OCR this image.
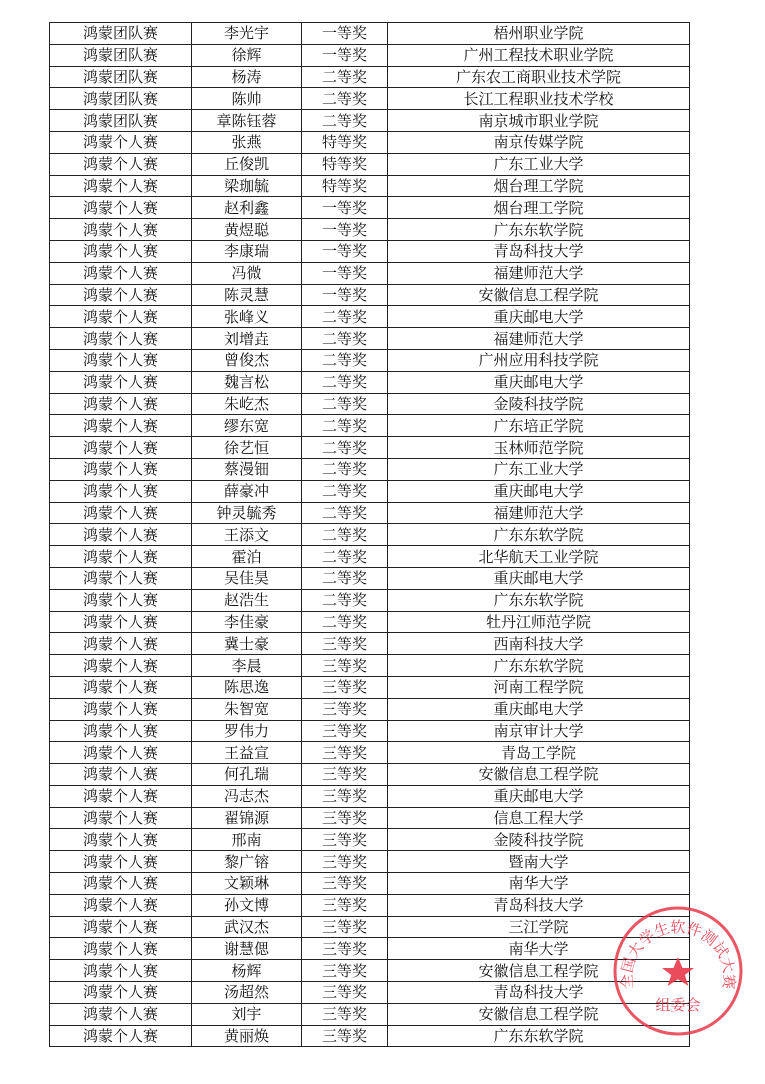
鸿蒙团队赛	李光宇	一等奖	梧州职业学院
鸿蒙团队赛	徐辉	一等奖	广州工程技术职业学院
鸿蒙团队赛	杨涛	二等奖	广东农工商职业技术学院
鸿蒙团队赛	陈帅	二等奖	长江工程职业技术学校
鸿蒙团队赛	章陈钰蓉	二等奖	南京城市职业学院
鸿蒙个人赛	张燕	特等奖	南京传媒学院
鸿蒙个人赛	丘俊凯	特等奖	广东工业大学
鸿蒙个人赛	梁珈毓	特等奖	烟台理工学院
鸿蒙个人赛	赵利鑫	一等奖	烟台理工学院
鸿蒙个人赛	黄煜聪	一等奖	广东东软学院
鸿蒙个人赛	李康瑞	一等奖	青岛科技大学
鸿蒙个人赛	冯微	一等奖	福建师范大学
鸿蒙个人赛	陈灵慧	一等奖	安徽信息工程学院
鸿蒙个人赛	张峰义	二等奖	重庆邮电大学
鸿蒙个人赛	刘增垚	二等奖	福建师范大学
鸿蒙个人赛	曾俊杰	二等奖	广州应用科技学院
鸿蒙个人赛	魏言松	二等奖	重庆邮电大学
鸿蒙个人赛	朱屹杰	二等奖	金陵科技学院
鸿蒙个人赛	缪东宽	二等奖	广东培正学院
鸿蒙个人赛	徐艺恒	二等奖	玉林师范学院
鸿蒙个人赛	蔡漫钿	二等奖	广东工业大学
鸿蒙个人赛	薛豪冲	二等奖	重庆邮电大学
鸿蒙个人赛	钟灵毓秀	二等奖	福建师范大学
鸿蒙个人赛	王添文	二等奖	广东东软学院
鸿蒙个人赛	霍泊	二等奖	北华航天工业学院
鸿蒙个人赛	吴佳昊	二等奖	重庆邮电大学
鸿蒙个人赛	赵浩生	二等奖	广东东软学院
鸿蒙个人赛	李佳豪	二等奖	牡丹江师范学院
鸿蒙个人赛	冀士豪	三等奖	西南科技大学
鸿蒙个人赛	李晨	三等奖	广东东软学院
鸿蒙个人赛	陈思逸	三等奖	河南工程学院
鸿蒙个人赛	朱智宽	三等奖	重庆邮电大学
鸿蒙个人赛	罗伟力	三等奖	南京审计大学
鸿蒙个人赛	王益宣	三等奖	青岛工学院
鸿蒙个人赛	何孔瑞	三等奖	安徽信息工程学院
鸿蒙个人赛	冯志杰	三等奖	重庆邮电大学
鸿蒙个人赛	翟锦源	三等奖	信息工程大学
鸿蒙个人赛	邢南	三等奖	金陵科技学院
鸿蒙个人赛	黎广镕	三等奖	暨南大学
鸿蒙个人赛	文颖琳	三等奖	南华大学
鸿蒙个人赛	孙文博	三等奖	青岛科技大学
鸿蒙个人赛	武汉杰	三等奖	三江学院
鸿蒙个人赛	谢慧偲	三等奖	南华大学
鸿蒙个人赛	杨辉	三等奖	安徽信息工程学院
鸿蒙个人赛	汤超然	三等奖	青岛科技大学
鸿蒙个人赛	刘宇	三等奖	安徽信息工程学院
鸿蒙个人赛	黄丽焕	三等奖	广东东软学院
全国大学生软件测试大赛
组委会
